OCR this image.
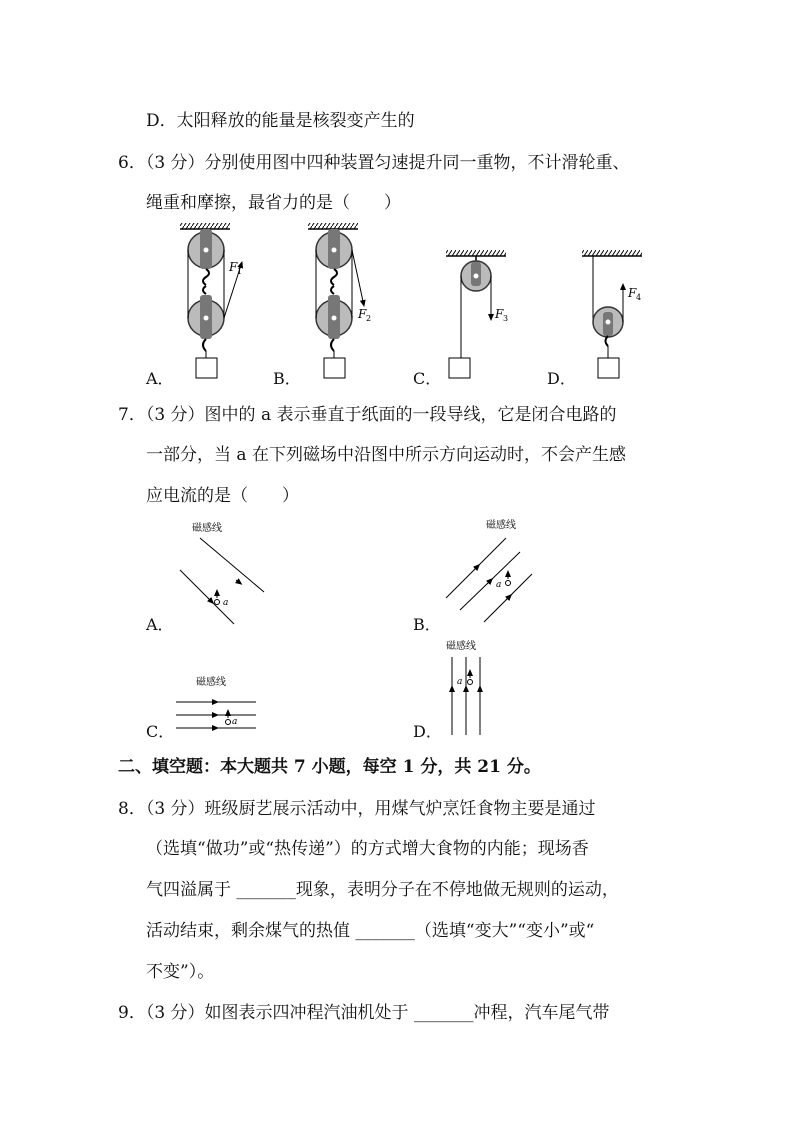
D．太阳释放的能量是核裂变产生的
6．（3 分）分别使用图中四种装置匀速提升同一重物，不计滑轮重、
绳重和摩擦，最省力的是（　　）
F 1
F 2	F 3
F 4
A．	B．	C．	D．
7．（3 分）图中的 a 表示垂直于纸面的一段导线，它是闭合电路的
一部分，当 a 在下列磁场中沿图中所示方向运动时，不会产生感
应电流的是（　　）
磁感线
a
磁感线
a
磁感线
a
磁感线
a
A．	B．
C．	D．
二、填空题：本大题共 7 小题，每空 1 分，共 21 分。
8．（3 分）班级厨艺展示活动中，用煤气炉烹饪食物主要是通过
（选填“做功”或“热传递”）的方式增大食物的内能；现场香
气四溢属于 _______现象，表明分子在不停地做无规则的运动，
活动结束，剩余煤气的热值 _______（选填“变大”“变小”或“
不变”）。
9．（3 分）如图表示四冲程汽油机处于 _______冲程，汽车尾气带
